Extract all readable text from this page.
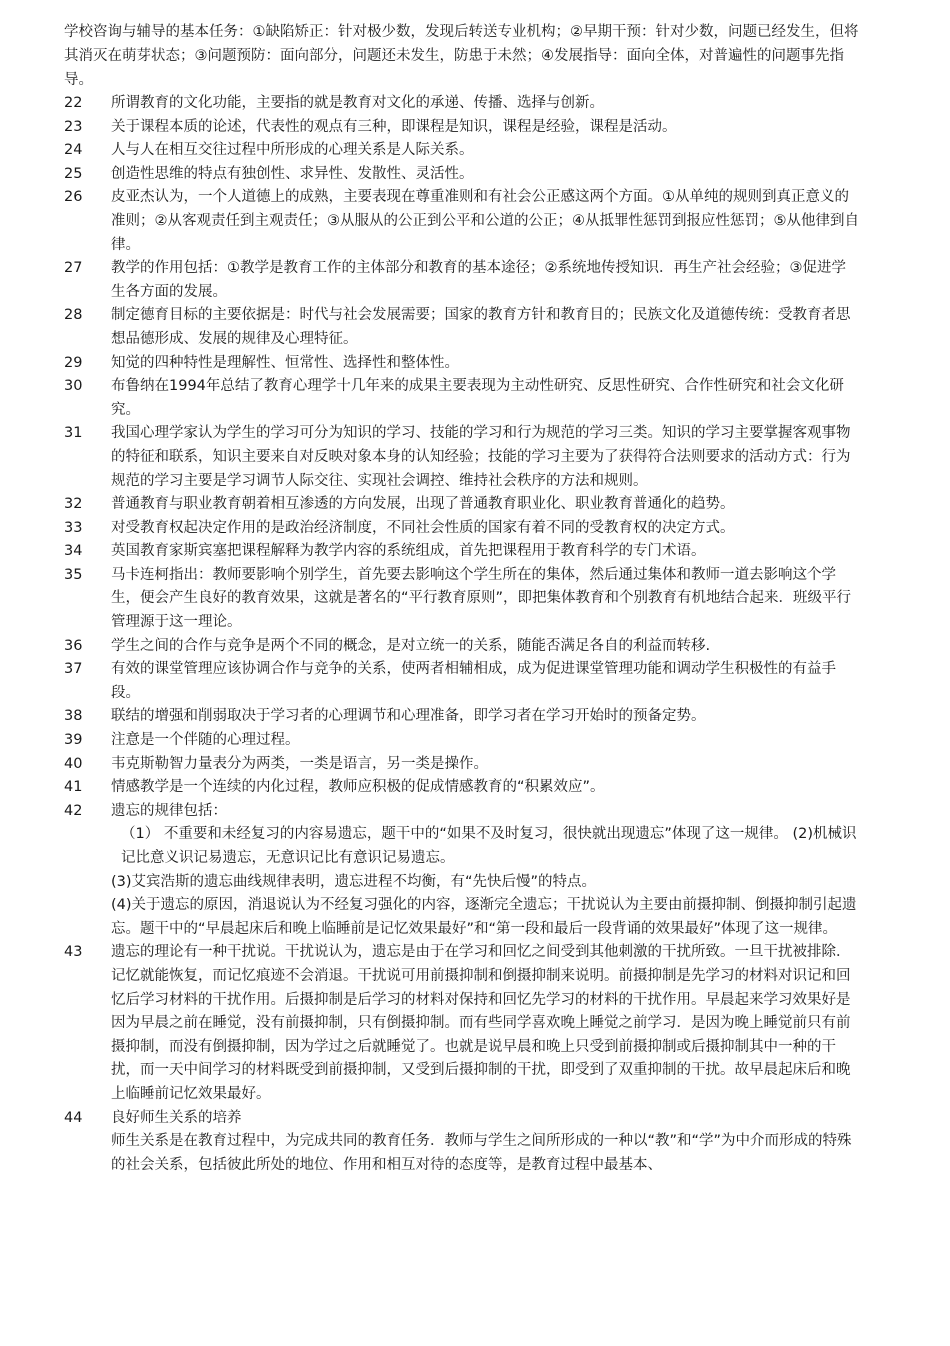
学校咨询与辅导的基本任务：①缺陷矫正：针对极少数，发现后转送专业机构；②早期干预：针对少数，问题已经发生，但将其消灭在萌芽状态；③问题预防：面向部分，问题还未发生，防患于未然；④发展指导：面向全体，对普遍性的问题事先指导。

22	所谓教育的文化功能，主要指的就是教育对文化的承递、传播、选择与创新。

23	关于课程本质的论述，代表性的观点有三种，即课程是知识，课程是经验，课程是活动。

24	人与人在相互交往过程中所形成的心理关系是人际关系。

25	创造性思维的特点有独创性、求异性、发散性、灵活性。

26	皮亚杰认为，一个人道德上的成熟，主要表现在尊重准则和有社会公正感这两个方面。①从单纯的规则到真正意义的准则；②从客观责任到主观责任；③从服从的公正到公平和公道的公正；④从抵罪性惩罚到报应性惩罚；⑤从他律到自律。

27	教学的作用包括：①教学是教育工作的主体部分和教育的基本途径；②系统地传授知识．再生产社会经验；③促进学生各方面的发展。

28	制定德育目标的主要依据是：时代与社会发展需要；国家的教育方针和教育目的；民族文化及道德传统：受教育者思想品德形成、发展的规律及心理特征。

29	知觉的四种特性是理解性、恒常性、选择性和整体性。

30	布鲁纳在1994年总结了教育心理学十几年来的成果主要表现为主动性研究、反思性研究、合作性研究和社会文化研究。

31	我国心理学家认为学生的学习可分为知识的学习、技能的学习和行为规范的学习三类。知识的学习主要掌握客观事物的特征和联系，知识主要来自对反映对象本身的认知经验；技能的学习主要为了获得符合法则要求的活动方式：行为规范的学习主要是学习调节人际交往、实现社会调控、维持社会秩序的方法和规则。

32	普通教育与职业教育朝着相互渗透的方向发展，出现了普通教育职业化、职业教育普通化的趋势。

33	对受教育权起决定作用的是政治经济制度，不同社会性质的国家有着不同的受教育权的决定方式。

34	英国教育家斯宾塞把课程解释为教学内容的系统组成，首先把课程用于教育科学的专门术语。

35	马卡连柯指出：教师要影响个别学生，首先要去影响这个学生所在的集体，然后通过集体和教师一道去影响这个学生，便会产生良好的教育效果，这就是著名的“平行教育原则”，即把集体教育和个别教育有机地结合起来．班级平行管理源于这一理论。

36	学生之间的合作与竞争是两个不同的概念，是对立统一的关系，随能否满足各自的利益而转移.

37	有效的课堂管理应该协调合作与竞争的关系，使两者相辅相成，成为促进课堂管理功能和调动学生积极性的有益手段。

38	联结的增强和削弱取决于学习者的心理调节和心理准备，即学习者在学习开始时的预备定势。

39	注意是一个伴随的心理过程。

40	韦克斯勒智力量表分为两类，一类是语言，另一类是操作。

41	情感教学是一个连续的内化过程，教师应积极的促成情感教育的“积累效应”。

42	遗忘的规律包括：

（1） 不重要和未经复习的内容易遗忘，题干中的“如果不及时复习，很快就出现遗忘”体现了这一规律。 (2)机械识记比意义识记易遗忘，无意识记比有意识记易遗忘。

(3)艾宾浩斯的遗忘曲线规律表明，遗忘进程不均衡，有“先快后慢”的特点。

(4)关于遗忘的原因，消退说认为不经复习强化的内容，逐渐完全遗忘；干扰说认为主要由前摄抑制、倒摄抑制引起遗忘。题干中的“早晨起床后和晚上临睡前是记忆效果最好”和“第一段和最后一段背诵的效果最好”体现了这一规律。

43	遗忘的理论有一种干扰说。干扰说认为，遗忘是由于在学习和回忆之间受到其他刺激的干扰所致。一旦干扰被排除．记忆就能恢复，而记忆痕迹不会消退。干扰说可用前摄抑制和倒摄抑制来说明。前摄抑制是先学习的材料对识记和回忆后学习材料的干扰作用。后摄抑制是后学习的材料对保持和回忆先学习的材料的干扰作用。早晨起来学习效果好是因为早晨之前在睡觉，没有前摄抑制，只有倒摄抑制。而有些同学喜欢晚上睡觉之前学习．是因为晚上睡觉前只有前摄抑制，而没有倒摄抑制，因为学过之后就睡觉了。也就是说早晨和晚上只受到前摄抑制或后摄抑制其中一种的干扰，而一天中间学习的材料既受到前摄抑制，又受到后摄抑制的干扰，即受到了双重抑制的干扰。故早晨起床后和晚上临睡前记忆效果最好。

44	良好师生关系的培养

师生关系是在教育过程中，为完成共同的教育任务．教师与学生之间所形成的一种以“教”和“学”为中介而形成的特殊的社会关系，包括彼此所处的地位、作用和相互对待的态度等，是教育过程中最基本、
